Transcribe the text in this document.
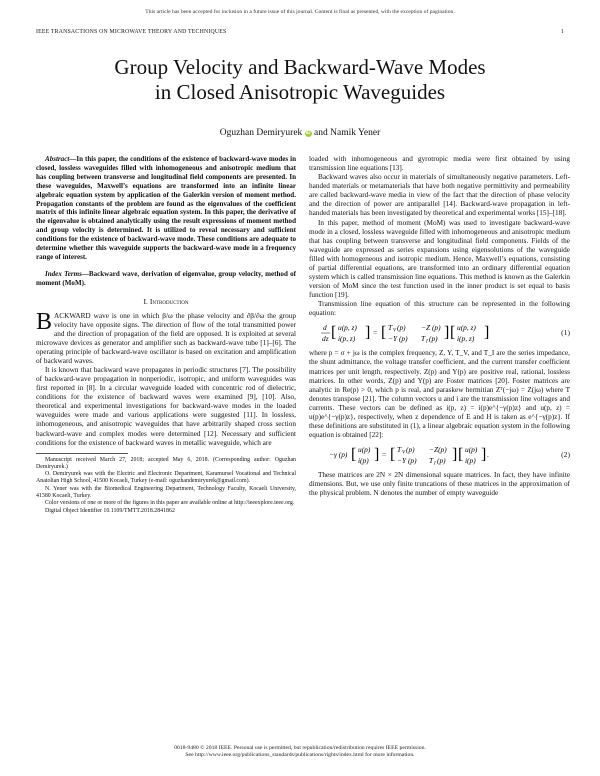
This article has been accepted for inclusion in a future issue of this journal. Content is final as presented, with the exception of pagination.
IEEE TRANSACTIONS ON MICROWAVE THEORY AND TECHNIQUES	1
Group Velocity and Backward-Wave Modes
in Closed Anisotropic Waveguides
Oguzhan Demiryurek iD and Namik Yener

Abstract—In this paper, the conditions of the existence of backward-wave modes in closed, lossless waveguides filled with inhomogeneous and anisotropic medium that has coupling between transverse and longitudinal field components are presented. In these waveguides, Maxwell’s equations are transformed into an infinite linear algebraic equation system by application of the Galerkin version of moment method. Propagation constants of the problem are found as the eigenvalues of the coefficient matrix of this infinite linear algebraic equation system. In this paper, the derivative of the eigenvalue is obtained analytically using the result expressions of moment method and group velocity is determined. It is utilized to reveal necessary and sufficient conditions for the existence of backward-wave mode. These conditions are adequate to determine whether this waveguide supports the backward-wave mode in a frequency range of interest.

Index Terms—Backward wave, derivation of eigenvalue, group velocity, method of moment (MoM).

I. Introduction

BACKWARD wave is one in which β/ω the phase velocity and ∂β/∂ω the group velocity have opposite signs. The direction of flow of the total transmitted power and the direction of propagation of the field are opposed. It is exploited at several microwave devices as generator and amplifier such as backward-wave tube [1]–[6]. The operating principle of backward-wave oscillator is based on excitation and amplification of backward waves.

It is known that backward wave propagates in periodic structures [7]. The possibility of backward-wave propagation in nonperiodic, isotropic, and uniform waveguides was first reported in [8]. In a circular waveguide loaded with concentric rod of dielectric, conditions for the existence of backward waves were examined [9], [10]. Also, theoretical and experimental investigations for backward-wave modes in the loaded waveguides were made and various applications were suggested [11]. In lossless, inhomogeneous, and anisotropic waveguides that have arbitrarily shaped cross section backward-wave and complex modes were determined [12]. Necessary and sufficient conditions for the existence of backward waves in metallic waveguide, which are

Manuscript received March 27, 2018; accepted May 6, 2018. (Corresponding author: Oguzhan Demiryurek.)

O. Demiryurek was with the Electric and Electronic Department, Karamursel Vocational and Technical Anatolian High School, 41500 Kocaeli, Turkey (e-mail: oguzhandemiryurek@gmail.com).

N. Yener was with the Biomedical Engineering Department, Technology Faculty, Kocaeli University, 41380 Kocaeli, Turkey.

Color versions of one or more of the figures in this paper are available online at http://ieeexplore.ieee.org.

Digital Object Identifier 10.1109/TMTT.2018.2841862

loaded with inhomogeneous and gyrotropic media were first obtained by using transmission line equations [13].

Backward waves also occur in materials of simultaneously negative parameters. Left-handed materials or metamaterials that have both negative permittivity and permeability are called backward-wave media in view of the fact that the direction of phase velocity and the direction of power are antiparallel [14]. Backward-wave propagation in left-handed materials has been investigated by theoretical and experimental works [15]–[18].

In this paper, method of moment (MoM) was used to investigate backward-wave mode in a closed, lossless waveguide filled with inhomogeneous and anisotropic medium that has coupling between transverse and longitudinal field components. Fields of the waveguide are expressed as series expansions using eigensolutions of the waveguide filled with homogeneous and isotropic medium. Hence, Maxwell’s equations, consisting of partial differential equations, are transformed into an ordinary differential equation system which is called transmission line equations. This method is known as the Galerkin version of MoM since the test function used in the inner product is set equal to basis function [19].

Transmission line equation of this structure can be represented in the following equation:

d
dz [ u(p, z)
i(p, z) ] = [ T V (p) −Z (p)
−Y (p) T I (p) ] [ u(p, z)
i(p, z) ]	(1)

where p = σ + jω is the complex frequency, Z, Y, T_V, and T_I are the series impedance, the shunt admittance, the voltage transfer coefficient, and the current transfer coefficient matrices per unit length, respectively. Z(p) and Y(p) are positive real, rational, lossless matrices. In other words, Z(p) and Y(p) are Foster matrices [20]. Foster matrices are analytic in Re(p) > 0, which p is real, and paraskew hermitian Zᵀ(−jω) = Z(jω) where T denotes transpose [21]. The column vectors u and i are the transmission line voltages and currents. These vectors can be defined as i(p, z) = i(p)e^{−γ(p)z} and u(p, z) = u(p)e^{−γ(p)z}, respectively, when z dependence of E and H is taken as e^{−γ(p)z}. If these definitions are substituted in (1), a linear algebraic equation system in the following equation is obtained [22]:

−γ (p) [ u(p)
i(p) ] = [ T V (p) −Z(p)
−Y (p) T I (p) ] [ u(p)
i(p) ] .	(2)

These matrices are 2N × 2N dimensional square matrices. In fact, they have infinite dimensions. But, we use only finite truncations of these matrices in the approximation of the physical problem. N denotes the number of empty waveguide

0018-9480 © 2018 IEEE. Personal use is permitted, but republication/redistribution requires IEEE permission.
See http://www.ieee.org/publications_standards/publications/rights/index.html for more information.
